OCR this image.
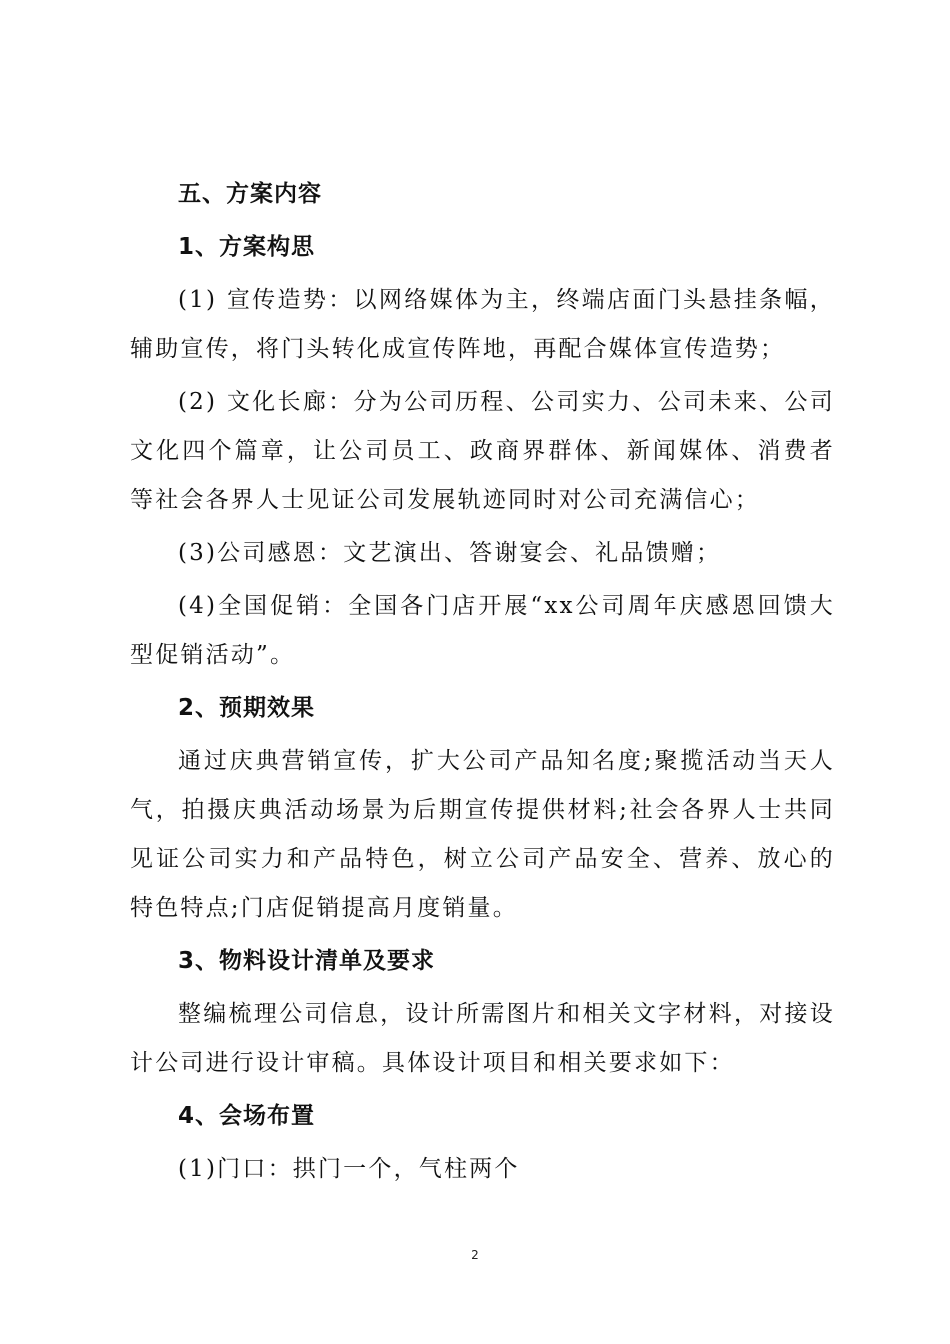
五、方案内容
1、方案构思

(1) 宣传造势：以网络媒体为主，终端店面门头悬挂条幅，辅助宣传，将门头转化成宣传阵地，再配合媒体宣传造势；

(2) 文化长廊：分为公司历程、公司实力、公司未来、公司文化四个篇章，让公司员工、政商界群体、新闻媒体、消费者等社会各界人士见证公司发展轨迹同时对公司充满信心；

(3)公司感恩：文艺演出、答谢宴会、礼品馈赠；

(4)全国促销：全国各门店开展“xx公司周年庆感恩回馈大型促销活动”。

2、预期效果

通过庆典营销宣传，扩大公司产品知名度;聚揽活动当天人气，拍摄庆典活动场景为后期宣传提供材料;社会各界人士共同见证公司实力和产品特色，树立公司产品安全、营养、放心的特色特点;门店促销提高月度销量。

3、物料设计清单及要求

整编梳理公司信息，设计所需图片和相关文字材料，对接设计公司进行设计审稿。具体设计项目和相关要求如下：

4、会场布置

(1)门口：拱门一个，气柱两个

2
